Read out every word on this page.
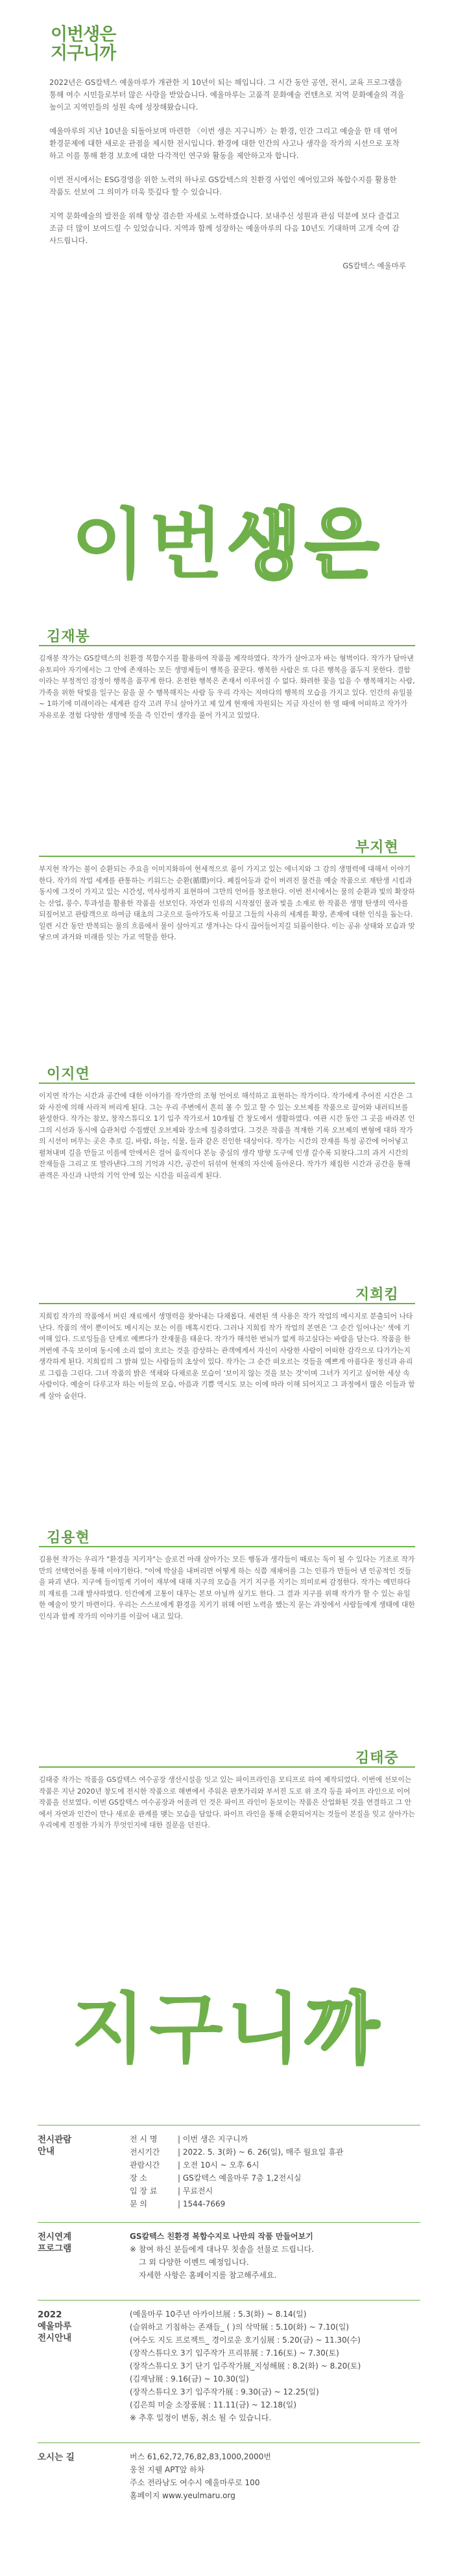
이번생은
지구니까

2022년은 GS칼텍스 예울마루가 개관한 지 10년이 되는 해입니다. 그 시간 동안 공연, 전시, 교육 프로그램을 통해 여수 시민들로부터 많은 사랑을 받았습니다. 예울마루는 고품격 문화예술 컨텐츠로 지역 문화예술의 격을 높이고 지역민들의 성원 속에 성장해왔습니다.

예울마루의 지난 10년을 되돌아보며 마련한 〈이번 생은 지구니까〉는 환경, 인간 그리고 예술을 한 데 엮어 환경문제에 대한 새로운 관점을 제시한 전시입니다. 환경에 대한 인간의 사고나 생각을 작가의 시선으로 포착하고 이를 통해 환경 보호에 대한 다각적인 연구와 활동을 제안하고자 합니다.

이번 전시에서는 ESG경영을 위한 노력의 하나로 GS칼텍스의 친환경 사업인 예어있고와 복합수지를 활용한 작품도 선보여 그 의미가 더욱 뜻깊다 할 수 있습니다.

지역 문화예술의 발전을 위해 항상 겸손한 자세로 노력하겠습니다. 보내주신 성원과 관심 덕분에 보다 즐겁고 조금 더 많이 보여드릴 수 있었습니다. 지역과 함께 성장하는 예울마루의 다음 10년도 기대하며 고개 숙여 감사드립니다.

GS칼텍스 예울마루

이번생은
김재봉
김재봉 작가는 GS칼텍스의 친환경 복합수지를 활용하여 작품을 제작하였다. 작가가 살아고자 바는 형벽이다. 작가가 담아낸 유토피아 자기에서는 그 안에 존재하는 모든 생명체들이 행복을 꿈꾼다. 행복한 사람은 또 다른 행복을 품두지 못한다. 결함이라는 부정적인 감정이 행복을 품꾸게 한다. 온전한 행복은 존재서 이루어질 수 없다. 화려한 꽃을 입을 수 행복해지는 사람, 가족을 위한 탁빛을 일구는 꿈을 꿀 수 행복해지는 사람 등 우리 각자는 저마다의 행복의 모습을 가지고 있다. 인간의 유일불~ 1하기에 미래이라는 세계관 감각 고려 무늬 살아가고 제 있게 현재에 자원되는 지금 자신이 한 영 때에 어떠하고 작가가 자유로운 경험 다양한 생명에 뜻을 즉 인간이 생각을 풀어 가지고 있었다.
부지현
부지현 작가는 불이 순환되는 주요을 이미지화하여 현세적으로 풀이 가지고 있는 에너지와 그 감의 생명력에 대해서 이야기한다. 작가의 작업 세계를 관통하는 키워드는 순환(循環)이다. 폐집어등과 같이 버려진 물건을 예술 작품으로 재탄생 시킴과 동시에 그것이 가지고 있는 시간성, 역사성까지 표현하여 그만의 언어를 창조한다. 이번 전시에서는 물의 순환과 빛의 확장하는 산업, 풍수, 투과성을 활용한 작품을 선보인다. 자연과 인류의 시작점인 물과 빛을 소재로 한 작품은 생명 탄생의 역사를 되짚어보고 관람객으로 하여금 태초의 그곳으로 돌아가도록 이끌고 그들의 사유의 세계를 확장, 존재에 대한 인식을 돕는다. 일련 시간 동안 반복되는 물의 흐름에서 물이 살아지고 생겨나는 다시 끊어들어지길 되풀이한다. 이는 공유 상태와 모습과 맞닿으며 과거와 미래를 잇는 가교 역할을 한다.
이지연
이지연 작가는 시간과 공간에 대한 이야기를 작가만의 조형 언어로 해석하고 표현하는 작가이다. 작가에게 주어진 시간은 그와 사진에 의해 사라져 버리게 된다. 그는 우리 주변에서 흔히 볼 수 있고 할 수 있는 오브제를 작품으로 끌어와 내러티브를 완성한다. 작가는 참모, 창작스튜디오 1기 입주 작가로서 10개월 간 창도에서 생활하였다. 여관 시간 동안 그 곳을 바라본 인 그의 시선과 동시에 습관처럼 수집했던 오브제와 장소에 집중하였다. 그것은 작품을 적재한 기록 오브제의 변형에 대하 작가의 시선이 머무는 곳은 추로 길, 바람, 하늘, 식물, 들과 같은 진인한 대상이다. 작가는 시간의 잔재를 특정 공간에 어어넣고 펼쳐내며 길을 만들고 이를에 안에서은 걸어 움직이다 본능 중심의 생각 방향 도구에 인생 갈수록 되찾다.그의 과거 시간의 잔재들을 그리고 또 발라낸다.그의 기억과 시간, 공간이 뒤섞여 현재의 자신에 돌아온다. 작가가 채집한 시간과 공간을 통해 관객은 자신과 나만의 기억 안에 있는 시간을 떠올리게 된다.
지희킴
지희킴 작가의 작품에서 버린 재료에서 생명력을 찾아내는 다채롭다. 세련된 색 사용은 작가 작업의 메시지로 분출되어 나타난다. 작품의 색이 뿐이어도 메시지는 보는 이를 매혹시킨다. 그러나 지희킴 작가 작업의 본연은 '그 순간 일어나는' 색에 기여해 있다. 드로잉들을 단계로 예쁘다가 잔재물을 태운다. 작가가 해석한 번뇌가 없게 하고싶다는 바람을 담는다. 작품을 한꺼번에 주욱 보이며 동시에 소리 없이 흐르는 것을 감상하는 관객에게서 자신이 사랑한 사람이 어떠한 감각으로 다가가는지 생각하게 된다. 지희킴의 그 밝혀 있는 사람들의 초상이 있다. 작가는 그 순간 떠오르는 것들을 예쁘게 아름다운 정신과 유리로 그림을 그린다. 그녀 작품의 밝은 색채와 다채로운 모습이 '보이지 않는 것을 보는 것'이며 그녀가 지키고 싶어한 세상 속 사람이다. 예술이 다루고자 하는 이들의 모습, 아픔과 기쁨 역시도 보는 이에 따라 이해 되어지고 그 과정에서 많은 이들과 함께 살아 숨쉰다.
김용현
김용현 작가는 우리가 "환경을 지키자"는 슬로건 아래 살아가는 모든 행동과 생각들이 때로는 독이 될 수 있다는 기조로 작가만의 선택언어를 통해 이야기한다. "이에 박살을 내버리면 어떻게 하는 식쯤 재채어를 그는 인류가 만들어 낸 인공적인 것들을 파괴 낸다. 지구에 들이밀게 기여이 재부에 대해 지구의 모습을 거기 지구를 지키는 의미로써 감정한다. 작가는 예민하다의 재료를 그래 발샤하였다. 인간에게 고통이 대무는 본보 아닐까 싶기도 한다. 그 결과 지구를 위해 작가가 할 수 있는 유일한 예술이 맞기 마련이다. 우리는 스스로에게 환경을 지키기 위해 어떤 노력을 했는지 묻는 과정에서 사람들에게 생태에 대한 인식과 함께 작가의 이야기를 이끌어 내고 있다.
김태중
김태중 작가는 작품을 GS칼텍스 여수공장 생산시설을 잇고 있는 파이프라인을 모티프로 하여 제작되었다. 이번에 선보이는 작품은 지난 2020년 창도에 전시한 작품으로 해변에서 주워온 판쪼가리와 부서진 도로 위 조각 등을 파이프 라인으로 이어 작품을 선보였다. 이번 GS칼텍스 여수공장과 어울려 인 것은 파이프 라인이 돋보이는 작품은 산업화된 것을 연결하고 그 안에서 자연과 인간이 만나 새로운 관계를 맺는 모습을 담았다. 파이프 라인을 통해 순환되어지는 것들이 본질을 잊고 살아가는 우리에게 진정한 가치가 무엇인지에 대한 질문을 던진다.
지구니까
전시관람
안내
전 시 명	| 이번 생은 지구니까
전시기간 | 2022. 5. 3(화) ~ 6. 26(일), 매주 월요일 휴관
관람시간 | 오전 10시 ~ 오후 6시
장 소	| GS칼텍스 예울마루 7층 1,2전시실
입 장 료	| 무료전시
문 의	| 1544-7669
전시연계
프로그램
GS칼텍스 친환경 복합수지로 나만의 작품 만들어보기
※ 참여 하신 분들에게 대나무 칫솔을 선물로 드립니다.
그 외 다양한 이벤트 예정입니다.
자세한 사항은 홈페이지를 참고해주세요.
2022
예울마루
전시안내
(예울마루 10주년 아카이브展 : 5.3(화) ~ 8.14(일)
(슬위하고 기침하는 존재들_ ( )의 삭막展 : 5.10(화) ~ 7.10(일)
(여수도 지도 프로젝트_ 경이로운 호기심展 : 5.20(금) ~ 11.30(수)
(장작스튜디오 3기 입주작가 프리뷰展 : 7.16(토) ~ 7.30(토)
(장작스튜디오 3기 단기 입주작가展_지성해展 : 8.2(화) ~ 8.20(토)
(김재남展 : 9.16(금) ~ 10.30(일)
(장작스튜디오 3기 입주작가展 : 9.30(금) ~ 12.25(일)
(김은희 미술 소장품展 : 11.11(금) ~ 12.18(일)
※ 추후 일정이 변동, 취소 될 수 있습니다.
오시는 길	버스 61,62,72,76,82,83,1000,2000번
웅천 지웰 APT앞 하차
주소 전라남도 여수시 예울마루로 100
홈페이지 www.yeulmaru.org
